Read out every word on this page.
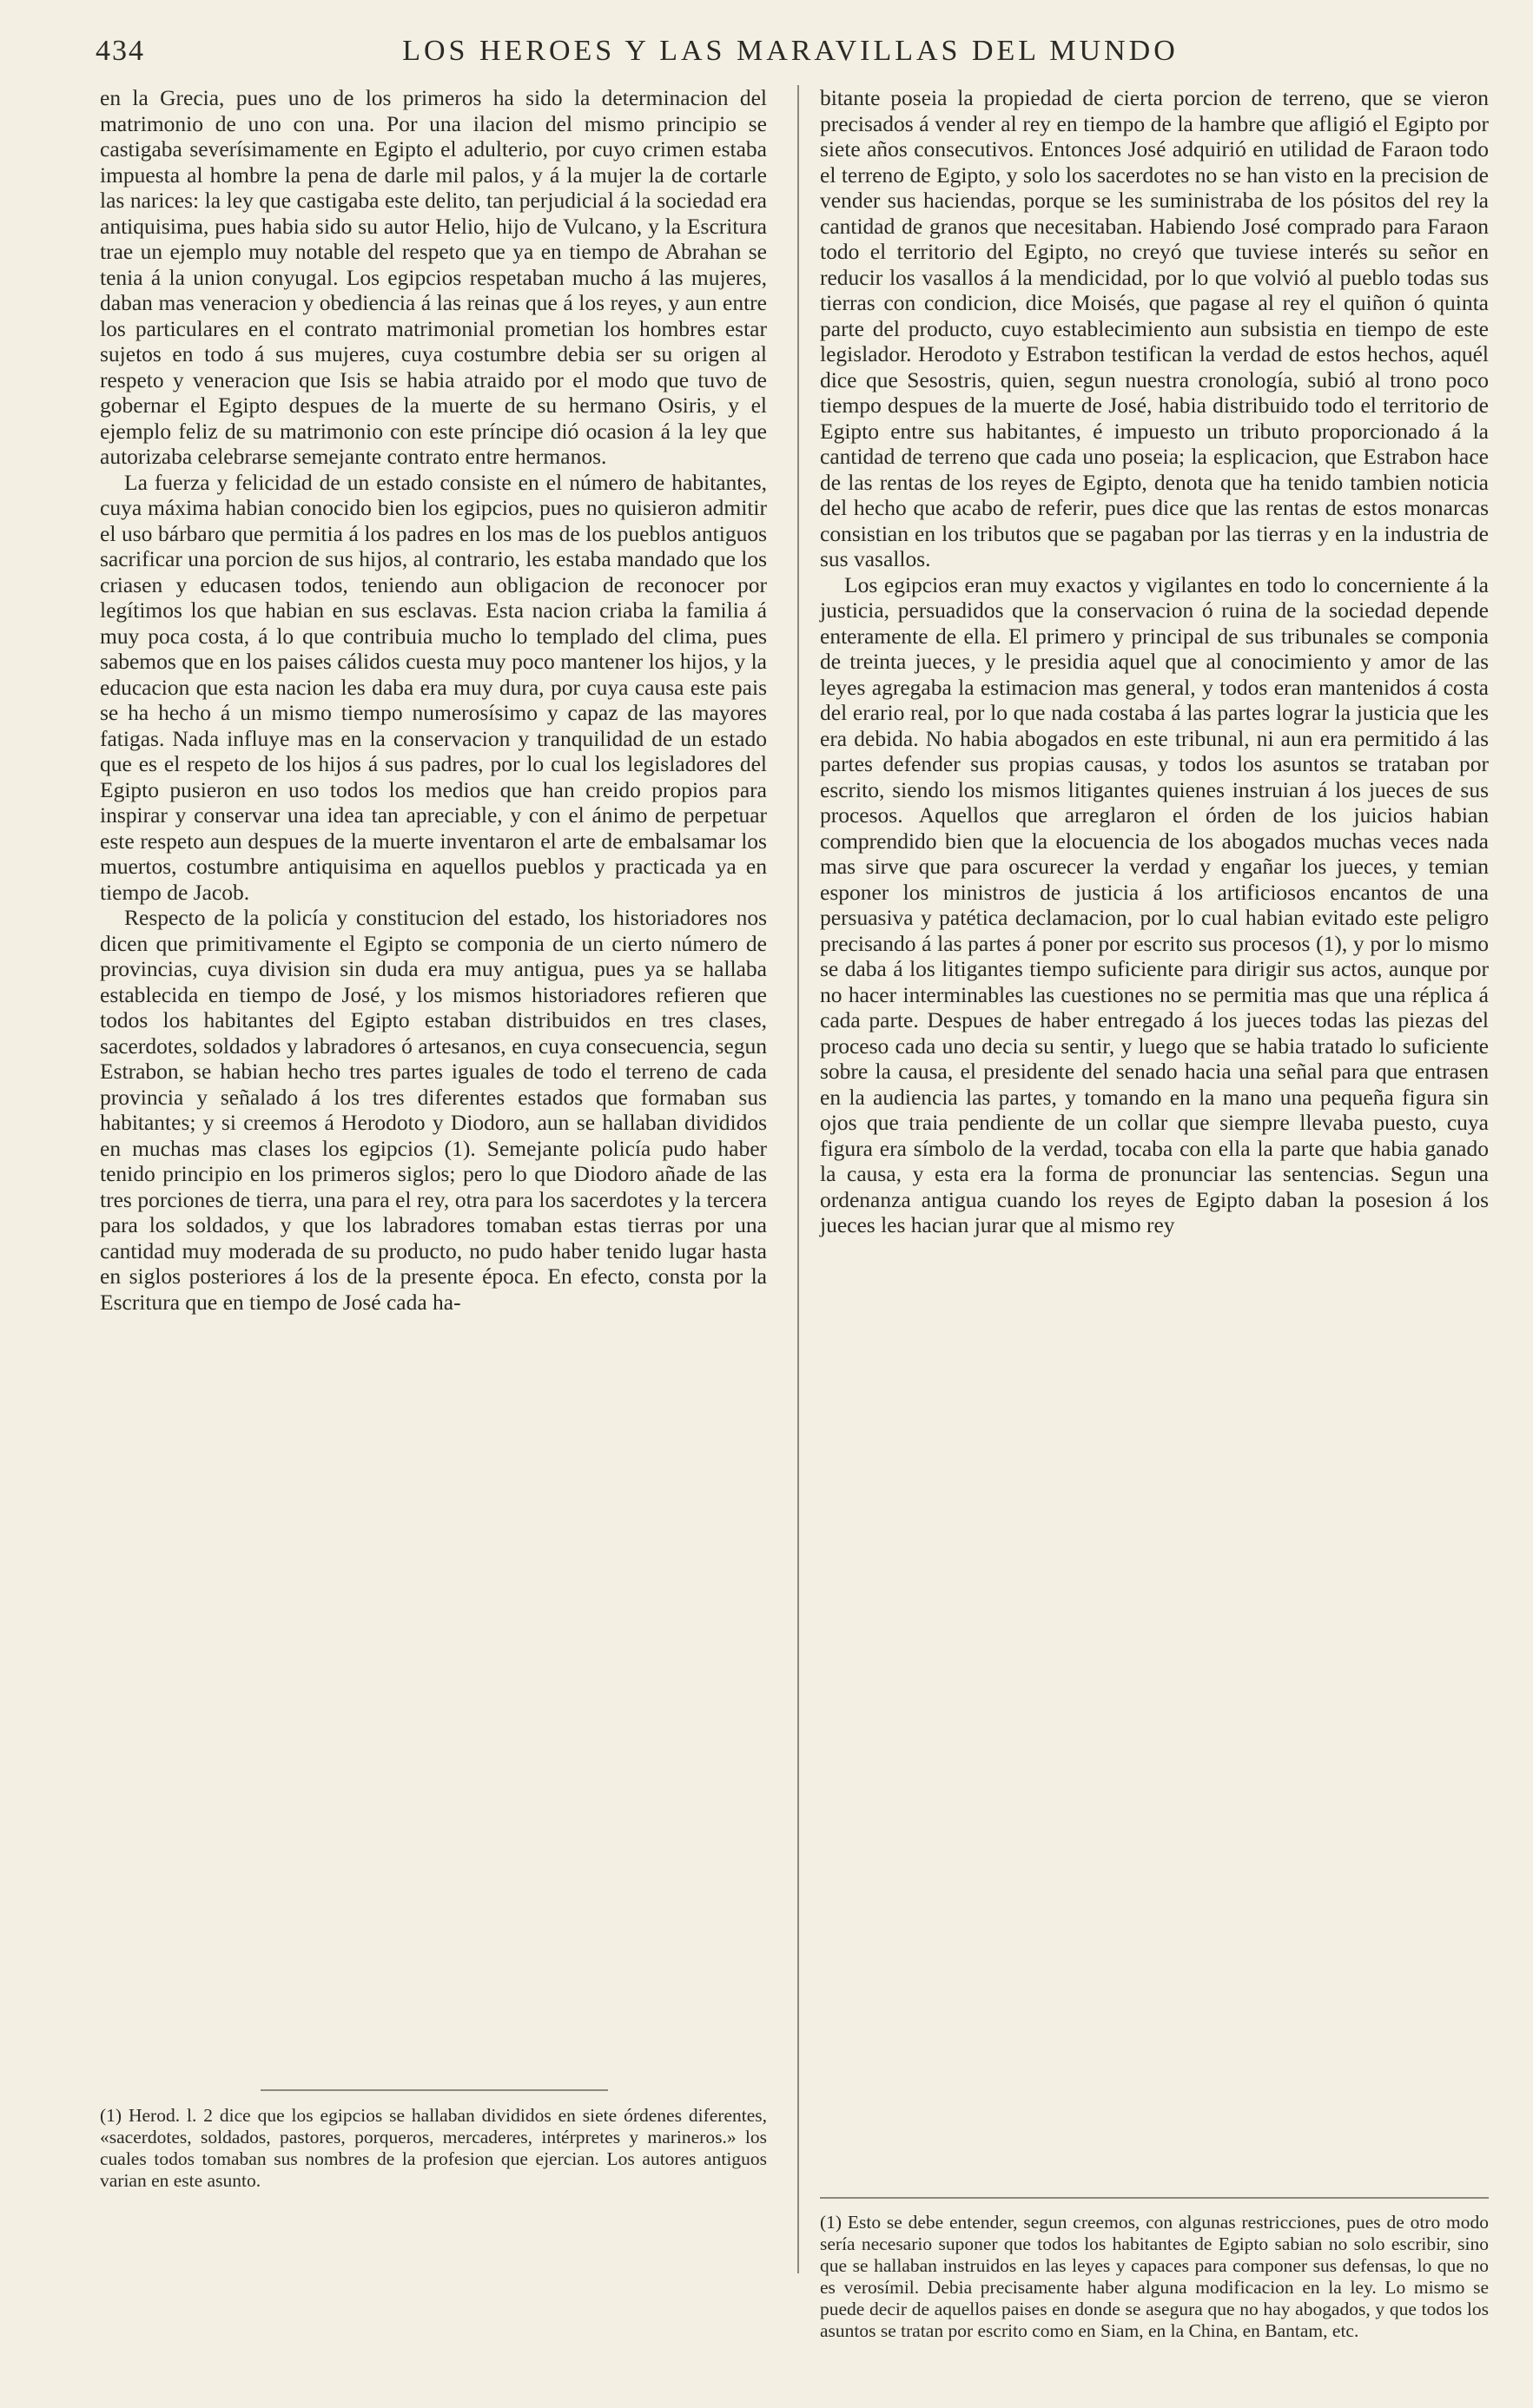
434	LOS HEROES Y LAS MARAVILLAS DEL MUNDO

en la Grecia, pues uno de los primeros ha sido la determinacion del matrimonio de uno con una. Por una ilacion del mismo principio se castigaba severísimamente en Egipto el adulterio, por cuyo crimen estaba impuesta al hombre la pena de darle mil palos, y á la mujer la de cortarle las narices: la ley que castigaba este delito, tan perjudicial á la sociedad era antiquisima, pues habia sido su autor Helio, hijo de Vulcano, y la Escritura trae un ejemplo muy notable del respeto que ya en tiempo de Abrahan se tenia á la union conyugal. Los egipcios respetaban mucho á las mujeres, daban mas veneracion y obediencia á las reinas que á los reyes, y aun entre los particulares en el contrato matrimonial prometian los hombres estar sujetos en todo á sus mujeres, cuya costumbre debia ser su origen al respeto y veneracion que Isis se habia atraido por el modo que tuvo de gobernar el Egipto despues de la muerte de su hermano Osiris, y el ejemplo feliz de su matrimonio con este príncipe dió ocasion á la ley que autorizaba celebrarse semejante contrato entre hermanos.

La fuerza y felicidad de un estado consiste en el número de habitantes, cuya máxima habian conocido bien los egipcios, pues no quisieron admitir el uso bárbaro que permitia á los padres en los mas de los pueblos antiguos sacrificar una porcion de sus hijos, al contrario, les estaba mandado que los criasen y educasen todos, teniendo aun obligacion de reconocer por legítimos los que habian en sus esclavas. Esta nacion criaba la familia á muy poca costa, á lo que contribuia mucho lo templado del clima, pues sabemos que en los paises cálidos cuesta muy poco mantener los hijos, y la educacion que esta nacion les daba era muy dura, por cuya causa este pais se ha hecho á un mismo tiempo numerosísimo y capaz de las mayores fatigas. Nada influye mas en la conservacion y tranquilidad de un estado que es el respeto de los hijos á sus padres, por lo cual los legisladores del Egipto pusieron en uso todos los medios que han creido propios para inspirar y conservar una idea tan apreciable, y con el ánimo de perpetuar este respeto aun despues de la muerte inventaron el arte de embalsamar los muertos, costumbre antiquisima en aquellos pueblos y practicada ya en tiempo de Jacob.

Respecto de la policía y constitucion del estado, los historiadores nos dicen que primitivamente el Egipto se componia de un cierto número de provincias, cuya division sin duda era muy antigua, pues ya se hallaba establecida en tiempo de José, y los mismos historiadores refieren que todos los habitantes del Egipto estaban distribuidos en tres clases, sacerdotes, soldados y labradores ó artesanos, en cuya consecuencia, segun Estrabon, se habian hecho tres partes iguales de todo el terreno de cada provincia y señalado á los tres diferentes estados que formaban sus habitantes; y si creemos á Herodoto y Diodoro, aun se hallaban divididos en muchas mas clases los egipcios (1). Semejante policía pudo haber tenido principio en los primeros siglos; pero lo que Diodoro añade de las tres porciones de tierra, una para el rey, otra para los sacerdotes y la tercera para los soldados, y que los labradores tomaban estas tierras por una cantidad muy moderada de su producto, no pudo haber tenido lugar hasta en siglos posteriores á los de la presente época. En efecto, consta por la Escritura que en tiempo de José cada ha-

bitante poseia la propiedad de cierta porcion de terreno, que se vieron precisados á vender al rey en tiempo de la hambre que afligió el Egipto por siete años consecutivos. Entonces José adquirió en utilidad de Faraon todo el terreno de Egipto, y solo los sacerdotes no se han visto en la precision de vender sus haciendas, porque se les suministraba de los pósitos del rey la cantidad de granos que necesitaban. Habiendo José comprado para Faraon todo el territorio del Egipto, no creyó que tuviese interés su señor en reducir los vasallos á la mendicidad, por lo que volvió al pueblo todas sus tierras con condicion, dice Moisés, que pagase al rey el quiñon ó quinta parte del producto, cuyo establecimiento aun subsistia en tiempo de este legislador. Herodoto y Estrabon testifican la verdad de estos hechos, aquél dice que Sesostris, quien, segun nuestra cronología, subió al trono poco tiempo despues de la muerte de José, habia distribuido todo el territorio de Egipto entre sus habitantes, é impuesto un tributo proporcionado á la cantidad de terreno que cada uno poseia; la esplicacion, que Estrabon hace de las rentas de los reyes de Egipto, denota que ha tenido tambien noticia del hecho que acabo de referir, pues dice que las rentas de estos monarcas consistian en los tributos que se pagaban por las tierras y en la industria de sus vasallos.

Los egipcios eran muy exactos y vigilantes en todo lo concerniente á la justicia, persuadidos que la conservacion ó ruina de la sociedad depende enteramente de ella. El primero y principal de sus tribunales se componia de treinta jueces, y le presidia aquel que al conocimiento y amor de las leyes agregaba la estimacion mas general, y todos eran mantenidos á costa del erario real, por lo que nada costaba á las partes lograr la justicia que les era debida. No habia abogados en este tribunal, ni aun era permitido á las partes defender sus propias causas, y todos los asuntos se trataban por escrito, siendo los mismos litigantes quienes instruian á los jueces de sus procesos. Aquellos que arreglaron el órden de los juicios habian comprendido bien que la elocuencia de los abogados muchas veces nada mas sirve que para oscurecer la verdad y engañar los jueces, y temian esponer los ministros de justicia á los artificiosos encantos de una persuasiva y patética declamacion, por lo cual habian evitado este peligro precisando á las partes á poner por escrito sus procesos (1), y por lo mismo se daba á los litigantes tiempo suficiente para dirigir sus actos, aunque por no hacer interminables las cuestiones no se permitia mas que una réplica á cada parte. Despues de haber entregado á los jueces todas las piezas del proceso cada uno decia su sentir, y luego que se habia tratado lo suficiente sobre la causa, el presidente del senado hacia una señal para que entrasen en la audiencia las partes, y tomando en la mano una pequeña figura sin ojos que traia pendiente de un collar que siempre llevaba puesto, cuya figura era símbolo de la verdad, tocaba con ella la parte que habia ganado la causa, y esta era la forma de pronunciar las sentencias. Segun una ordenanza antigua cuando los reyes de Egipto daban la posesion á los jueces les hacian jurar que al mismo rey

(1) Herod. l. 2 dice que los egipcios se hallaban divididos en siete órdenes diferentes, «sacerdotes, soldados, pastores, porqueros, mercaderes, intérpretes y marineros.» los cuales todos tomaban sus nombres de la profesion que ejercian. Los autores antiguos varian en este asunto.
(1) Esto se debe entender, segun creemos, con algunas restricciones, pues de otro modo sería necesario suponer que todos los habitantes de Egipto sabian no solo escribir, sino que se hallaban instruidos en las leyes y capaces para componer sus defensas, lo que no es verosímil. Debia precisamente haber alguna modificacion en la ley. Lo mismo se puede decir de aquellos paises en donde se asegura que no hay abogados, y que todos los asuntos se tratan por escrito como en Siam, en la China, en Bantam, etc.
